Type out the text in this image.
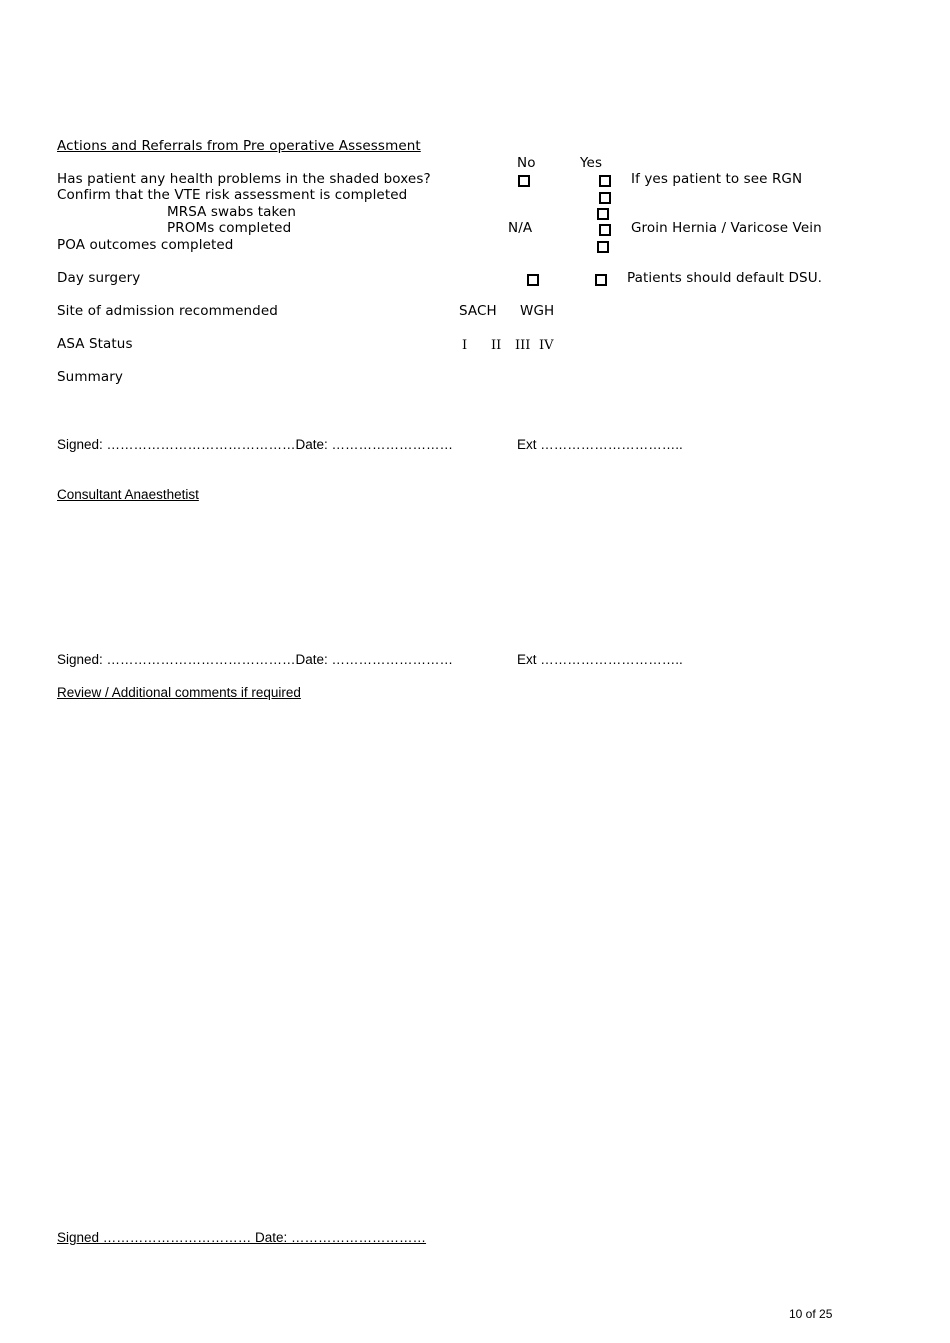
Actions and Referrals from Pre operative Assessment
No	Yes
Has patient any health problems in the shaded boxes?	If yes patient to see RGN
Confirm that the VTE risk assessment is completed
MRSA swabs taken
PROMs completed	N/A	Groin Hernia / Varicose Vein
POA outcomes completed
Day surgery	Patients should default DSU.
Site of admission recommended	SACH WGH
ASA Status	I II III IV
Summary
Signed: ……………………………………Date: ………………………	Ext …………………………..
Consultant Anaesthetist
Signed: ……………………………………Date: ………………………	Ext …………………………..
Review / Additional comments if required
Signed …………………………… Date: …………………………
10 of 25
